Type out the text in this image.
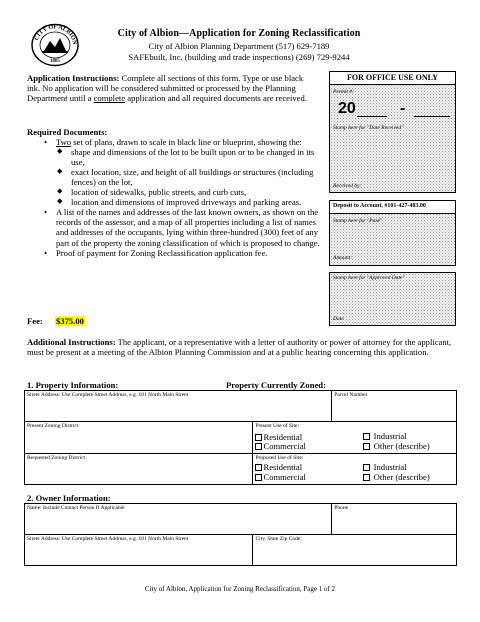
CITY OF ALBION
1885
City of Albion—Application for Zoning Reclassification
City of Albion Planning Department (517) 629-7189
SAFEbuilt, Inc. (building and trade inspections) (269) 729-9244
Application Instructions: Complete all sections of this form. Type or use black ink. No application will be considered submitted or processed by the Planning Department until a complete application and all required documents are received.
Required Documents:
• Two set of plans, drawn to scale in black line or blueprint, showing the:
◆ shape and dimensions of the lot to be built upon or to be changed in its use,
◆ exact location, size, and height of all buildings or structures (including fences) on the lot,
◆ location of sidewalks, public streets, and curb cuts,
◆ location and dimensions of improved driveways and parking areas.
• A list of the names and addresses of the last known owners, as shown on the records of the assessor, and a map of all properties including a list of names and addresses of the occupants, lying within three-hundred (300) feet of any part of the property the zoning classification of which is proposed to change.
• Proof of payment for Zoning Reclassification application fee.
Fee: $375.00
Additional Instructions: The applicant, or a representative with a letter of authority or power of attorney for the applicant, must be present at a meeting of the Albion Planning Commission and at a public hearing concerning this application.
FOR OFFICE USE ONLY
Permit #:
20	-
Stamp here for "Date Received"
Received by:
Deposit to Account, #101-427-483.00
Stamp here for "Paid"
Amount:
Stamp here for "Approved Date"
Date
1. Property Information:	Property Currently Zoned:
Street Address: Use Complete Street Address, e.g. 101 North Main Street	Parcel Number
Present Zoning District	Present Use of Site:
Residential Industrial
Commercial Other (describe)

Requested Zoning District	Proposed Use of Site:
Residential Industrial
Commercial Other (describe)
2. Owner Information:
Name: Include Contact Person If Applicable	Phone
Street Address: Use Complete Street Address, e.g. 101 North Main Street	City, State Zip Code:
City of Albion, Application for Zoning Reclassification, Page 1 of 2
